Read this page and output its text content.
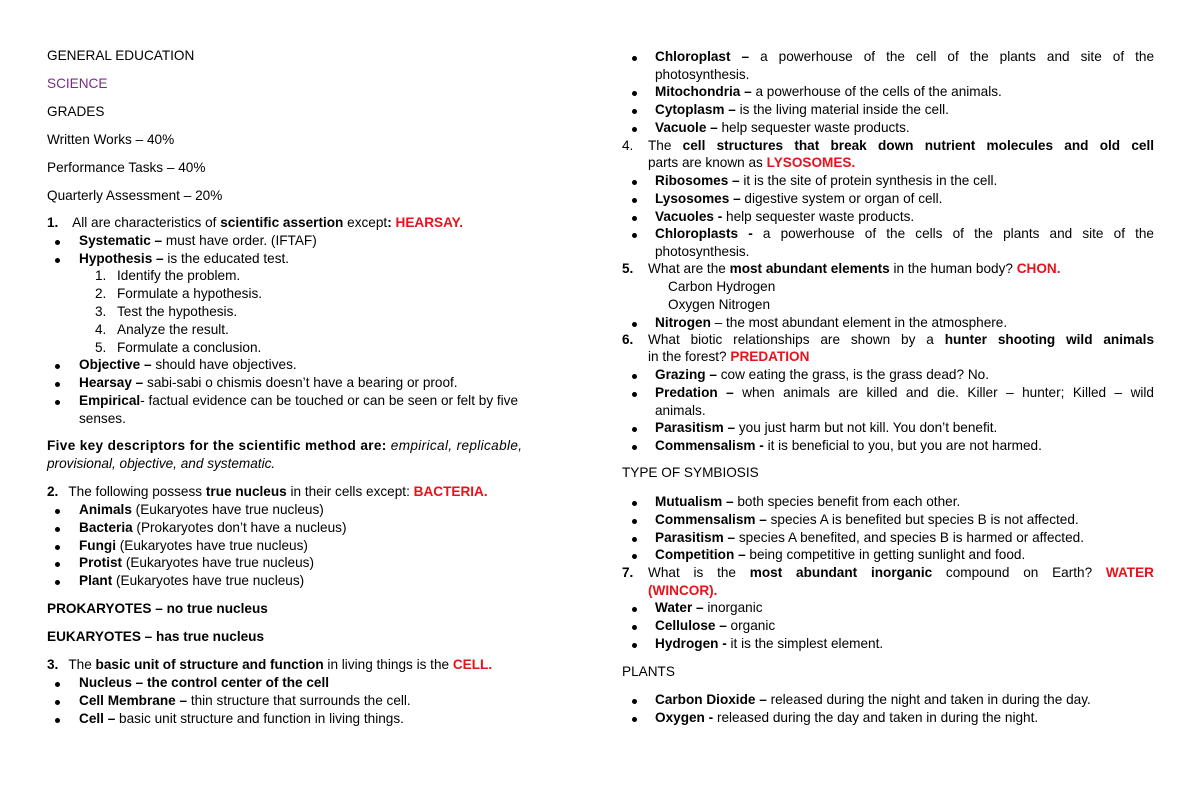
GENERAL EDUCATION
SCIENCE
GRADES
Written Works – 40%
Performance Tasks – 40%
Quarterly Assessment – 20%
1. All are characteristics of scientific assertion except: HEARSAY.
Systematic – must have order. (IFTAF)
Hypothesis – is the educated test.
1. Identify the problem.
2. Formulate a hypothesis.
3. Test the hypothesis.
4. Analyze the result.
5. Formulate a conclusion.
Objective – should have objectives.
Hearsay – sabi-sabi o chismis doesn’t have a bearing or proof.
Empirical- factual evidence can be touched or can be seen or felt by five
senses.
Five key descriptors for the scientific method are: empirical, replicable,
provisional, objective, and systematic.
2. The following possess true nucleus in their cells except: BACTERIA.
Animals (Eukaryotes have true nucleus)
Bacteria (Prokaryotes don’t have a nucleus)
Fungi (Eukaryotes have true nucleus)
Protist (Eukaryotes have true nucleus)
Plant (Eukaryotes have true nucleus)
PROKARYOTES – no true nucleus
EUKARYOTES – has true nucleus
3. The basic unit of structure and function in living things is the CELL.
Nucleus – the control center of the cell
Cell Membrane – thin structure that surrounds the cell.
Cell – basic unit structure and function in living things.
Chloroplast – a powerhouse of the cell of the plants and site of the
photosynthesis.
Mitochondria – a powerhouse of the cells of the animals.
Cytoplasm – is the living material inside the cell.
Vacuole – help sequester waste products.
4. The cell structures that break down nutrient molecules and old cell
parts are known as LYSOSOMES.
Ribosomes – it is the site of protein synthesis in the cell.
Lysosomes – digestive system or organ of cell.
Vacuoles - help sequester waste products.
Chloroplasts - a powerhouse of the cells of the plants and site of the
photosynthesis.
5. What are the most abundant elements in the human body? CHON.
Carbon Hydrogen
Oxygen Nitrogen
Nitrogen – the most abundant element in the atmosphere.
6. What biotic relationships are shown by a hunter shooting wild animals
in the forest? PREDATION
Grazing – cow eating the grass, is the grass dead? No.
Predation – when animals are killed and die. Killer – hunter; Killed – wild
animals.
Parasitism – you just harm but not kill. You don’t benefit.
Commensalism - it is beneficial to you, but you are not harmed.
TYPE OF SYMBIOSIS
Mutualism – both species benefit from each other.
Commensalism – species A is benefited but species B is not affected.
Parasitism – species A benefited, and species B is harmed or affected.
Competition – being competitive in getting sunlight and food.
7. What is the most abundant inorganic compound on Earth? WATER
(WINCOR).
Water – inorganic
Cellulose – organic
Hydrogen - it is the simplest element.
PLANTS
Carbon Dioxide – released during the night and taken in during the day.
Oxygen - released during the day and taken in during the night.
